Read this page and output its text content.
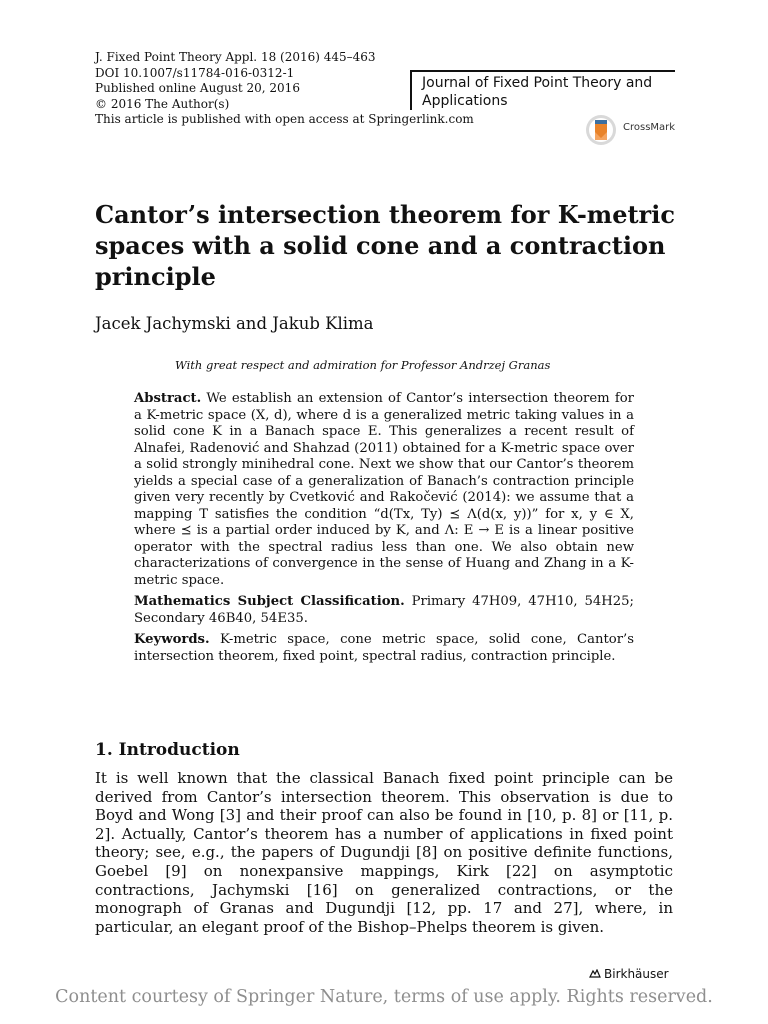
J. Fixed Point Theory Appl. 18 (2016) 445–463
DOI 10.1007/s11784-016-0312-1
Published online August 20, 2016
© 2016 The Author(s)
This article is published with open access at Springerlink.com
Journal of Fixed Point Theory and Applications
CrossMark
Cantor’s intersection theorem for K-metric spaces with a solid cone and a contraction principle
Jacek Jachymski and Jakub Klima
With great respect and admiration for Professor Andrzej Granas

Abstract. We establish an extension of Cantor’s intersection theorem for a K-metric space (X, d), where d is a generalized metric taking values in a solid cone K in a Banach space E. This generalizes a recent result of Alnafei, Radenović and Shahzad (2011) obtained for a K-metric space over a solid strongly minihedral cone. Next we show that our Cantor’s theorem yields a special case of a generalization of Banach’s contraction principle given very recently by Cvetković and Rakočević (2014): we assume that a mapping T satisfies the condition “d(Tx, Ty) ⪯ Λ(d(x, y))” for x, y ∈ X, where ⪯ is a partial order induced by K, and Λ: E → E is a linear positive operator with the spectral radius less than one. We also obtain new characterizations of convergence in the sense of Huang and Zhang in a K-metric space.

Mathematics Subject Classification. Primary 47H09, 47H10, 54H25; Secondary 46B40, 54E35.

Keywords. K-metric space, cone metric space, solid cone, Cantor’s intersection theorem, fixed point, spectral radius, contraction principle.

1. Introduction
It is well known that the classical Banach fixed point principle can be derived from Cantor’s intersection theorem. This observation is due to Boyd and Wong [3] and their proof can also be found in [10, p. 8] or [11, p. 2]. Actually, Cantor’s theorem has a number of applications in fixed point theory; see, e.g., the papers of Dugundji [8] on positive definite functions, Goebel [9] on nonexpansive mappings, Kirk [22] on asymptotic contractions, Jachymski [16] on generalized contractions, or the monograph of Granas and Dugundji [12, pp. 17 and 27], where, in particular, an elegant proof of the Bishop–Phelps theorem is given.
Birkhäuser
Content courtesy of Springer Nature, terms of use apply. Rights reserved.
